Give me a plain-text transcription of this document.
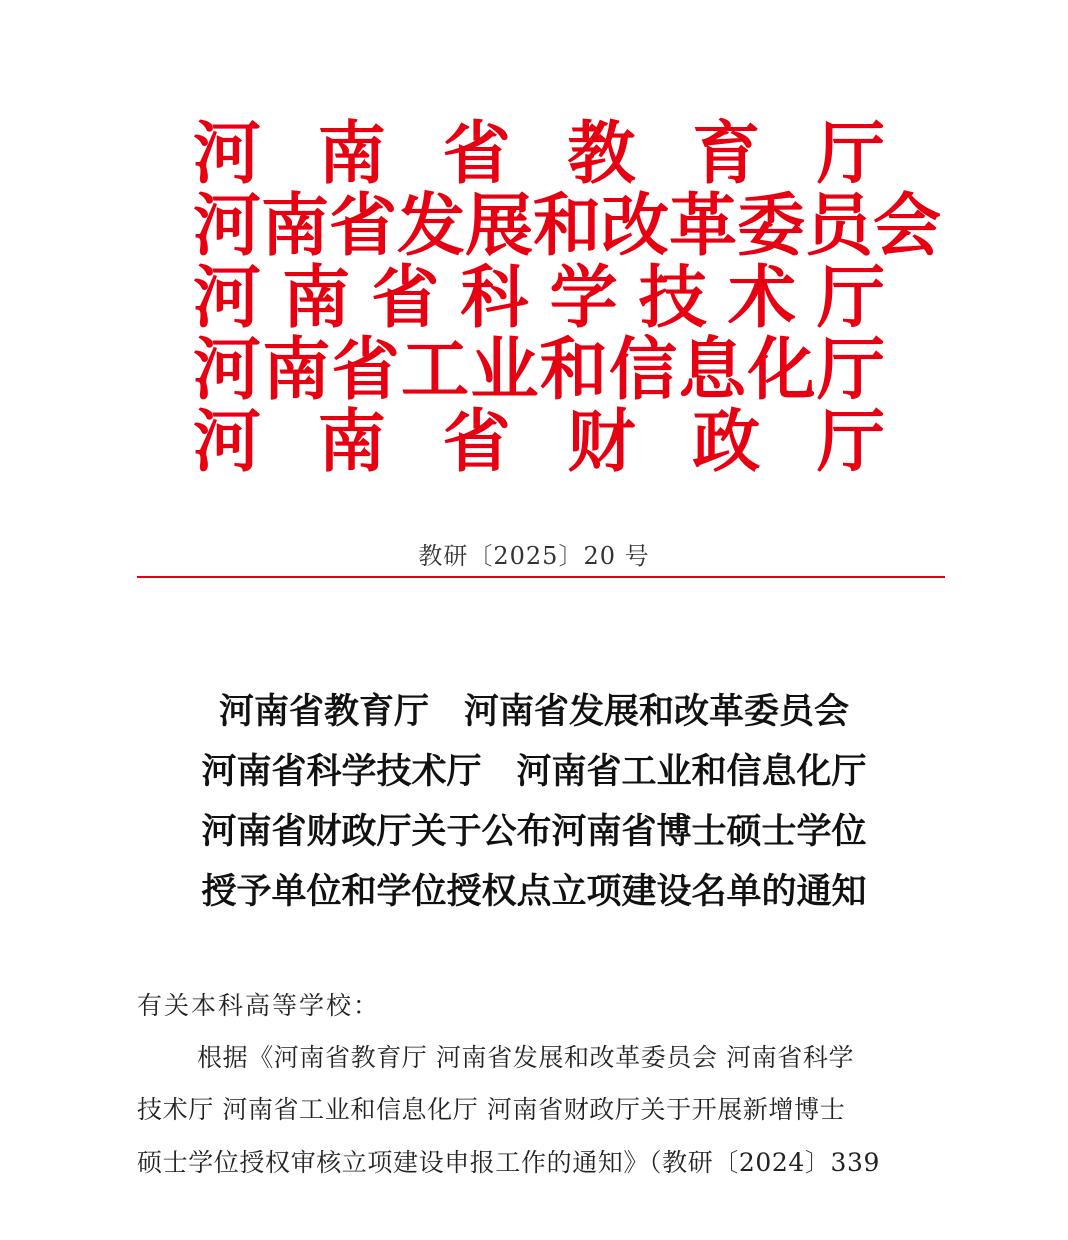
河 南 省 教 育 厅
河 南 省 发 展 和 改 革 委 员 会
河 南 省 科 学 技 术 厅
河 南 省 工 业 和 信 息 化 厅
河 南 省 财 政 厅
教研〔2025〕20 号
河南省教育厅　河南省发展和改革委员会
河南省科学技术厅　河南省工业和信息化厅
河南省财政厅关于公布河南省博士硕士学位
授予单位和学位授权点立项建设名单的通知
有关本科高等学校：
根据《河南省教育厅 河南省发展和改革委员会 河南省科学
技术厅 河南省工业和信息化厅 河南省财政厅关于开展新增博士
硕士学位授权审核立项建设申报工作的通知》（教研〔2024〕339
